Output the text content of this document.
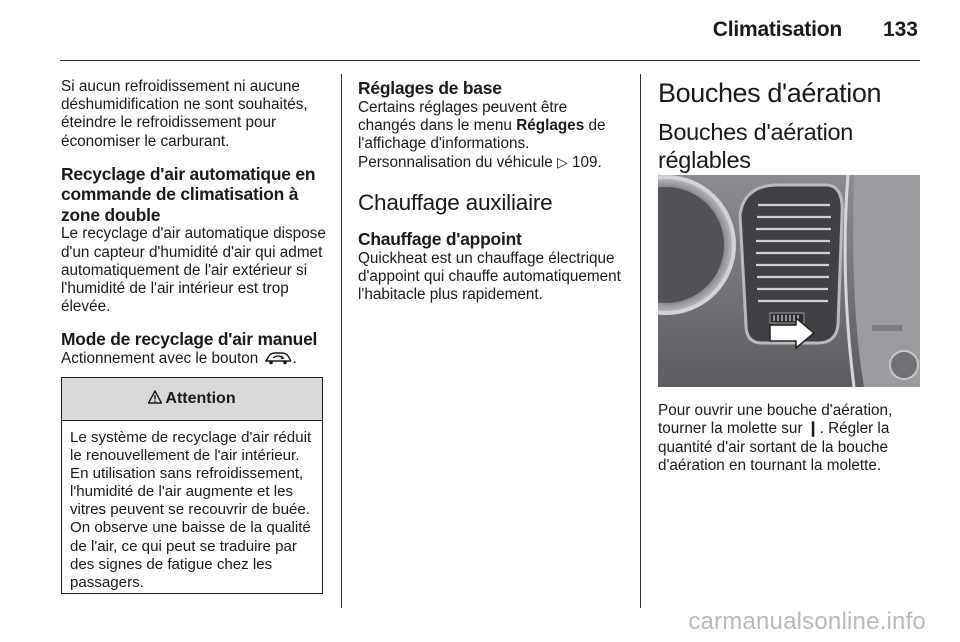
Climatisation 133

Si aucun refroidissement ni aucune déshumidification ne sont souhaités, éteindre le refroidissement pour économiser le carburant.

Recyclage d'air automatique en commande de climatisation à zone double

Le recyclage d'air automatique dispose d'un capteur d'humidité d'air qui admet automatiquement de l'air extérieur si l'humidité de l'air intérieur est trop élevée.

Mode de recyclage d'air manuel

Actionnement avec le bouton .

Attention

Le système de recyclage d'air réduit le renouvellement de l'air intérieur. En utilisation sans refroidissement, l'humidité de l'air augmente et les vitres peuvent se recouvrir de buée. On observe une baisse de la qualité de l'air, ce qui peut se traduire par des signes de fatigue chez les passagers.

Réglages de base

Certains réglages peuvent être changés dans le menu Réglages de l'affichage d'informations. Personnalisation du véhicule ▷ 109.

Chauffage auxiliaire
Chauffage d'appoint

Quickheat est un chauffage électrique d'appoint qui chauffe automatiquement l'habitacle plus rapidement.

Bouches d'aération
Bouches d'aération réglables

Pour ouvrir une bouche d'aération, tourner la molette sur ❙. Régler la quantité d'air sortant de la bouche d'aération en tournant la molette.

carmanualsonline.info
